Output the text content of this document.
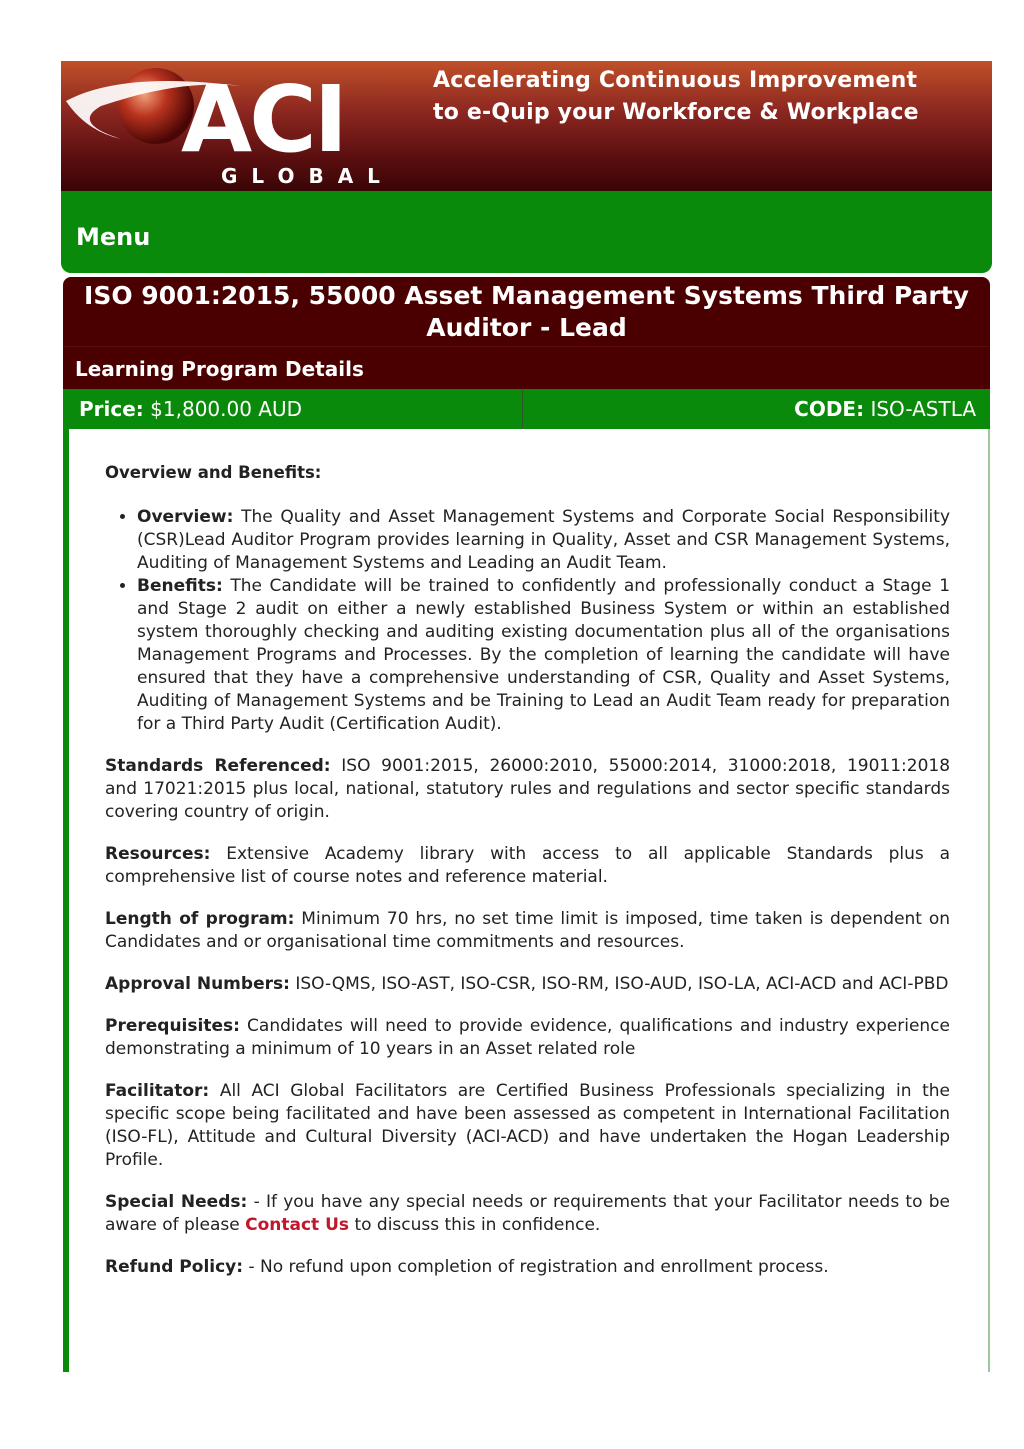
ACI
GLOBAL
Accelerating Continuous Improvement
to e-Quip your Workforce & Workplace
Menu
ISO 9001:2015, 55000 Asset Management Systems Third Party Auditor - Lead
Learning Program Details
Price: $1,800.00 AUD	CODE: ISO-ASTLA

Overview and Benefits:

• Overview: The Quality and Asset Management Systems and Corporate Social Responsibility (CSR)Lead Auditor Program provides learning in Quality, Asset and CSR Management Systems, Auditing of Management Systems and Leading an Audit Team.
• Benefits: The Candidate will be trained to confidently and professionally conduct a Stage 1 and Stage 2 audit on either a newly established Business System or within an established system thoroughly checking and auditing existing documentation plus all of the organisations Management Programs and Processes. By the completion of learning the candidate will have ensured that they have a comprehensive understanding of CSR, Quality and Asset Systems, Auditing of Management Systems and be Training to Lead an Audit Team ready for preparation for a Third Party Audit (Certification Audit).

Standards Referenced: ISO 9001:2015, 26000:2010, 55000:2014, 31000:2018, 19011:2018 and 17021:2015 plus local, national, statutory rules and regulations and sector specific standards covering country of origin.

Resources: Extensive Academy library with access to all applicable Standards plus a comprehensive list of course notes and reference material.

Length of program: Minimum 70 hrs, no set time limit is imposed, time taken is dependent on Candidates and or organisational time commitments and resources.

Approval Numbers: ISO-QMS, ISO-AST, ISO-CSR, ISO-RM, ISO-AUD, ISO-LA, ACI-ACD and ACI-PBD

Prerequisites: Candidates will need to provide evidence, qualifications and industry experience demonstrating a minimum of 10 years in an Asset related role

Facilitator: All ACI Global Facilitators are Certified Business Professionals specializing in the specific scope being facilitated and have been assessed as competent in International Facilitation (ISO-FL), Attitude and Cultural Diversity (ACI-ACD) and have undertaken the Hogan Leadership Profile.

Special Needs: - If you have any special needs or requirements that your Facilitator needs to be aware of please Contact Us to discuss this in confidence.

Refund Policy: - No refund upon completion of registration and enrollment process.
